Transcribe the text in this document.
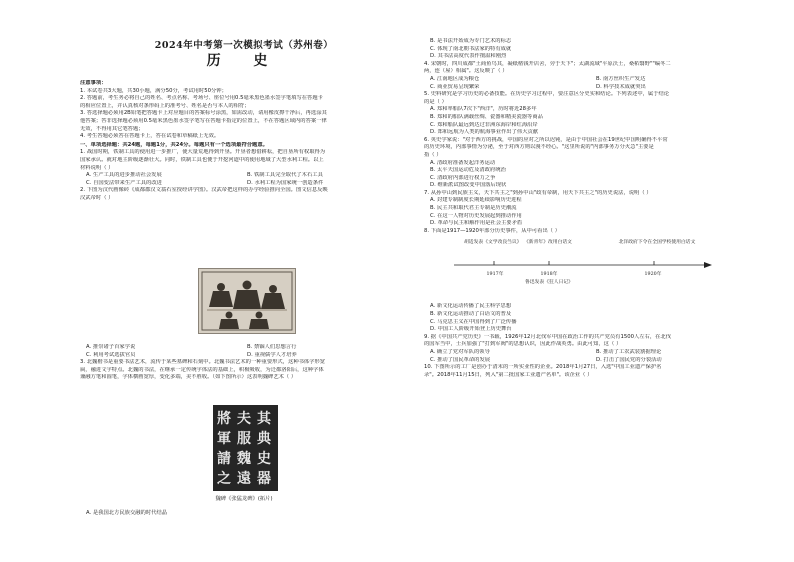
2024年中考第一次模拟考试（苏州卷）
历 史
注意事项：
1. 本试卷共3大题，共30小题，满分50分，考试用时50分钟；
2. 答题前，考生务必将自己的姓名、考点名称、考场号、座位号用0.5毫米黑色墨水签字笔填写在答题卡
的相应位置上，并认真核对条形码上的准考号、姓名是否与本人的相符；
3. 答选择题必须用2B铅笔把答题卡上对应题目的答案标号涂黑，如需改动，请用橡皮擦干净后，再选涂其
他答案；答非选择题必须用0.5毫米黑色墨水签字笔写在答题卡指定的位置上，不在答题区域内的答案一律
无效，不得用其它笔答题；
4. 考生答题必须答在答题卡上，答在试卷和草稿纸上无效。
一、单项选择题：共24题，每题1分，共24分。每题只有一个选项最符合题意。
1. 战国时期，铁制工具的使用进一步推广，使大量荒地得到开垦。开垦者想借耕耘，把自垦所有权取得为
国家承认。就对地主阶级逐渐壮大。同时，铁制工具也便于开挖河道中的使用地域了大型水利工程。以上
材料说明（ ）
A. 生产工具的进步推动社会发展	B. 铁制工具完全取代了木石工具
C. 自国变法带来生产工具的改进	D. 水利工程为国家统一创造条件
2. 下图为汉代画像砖《成都郡汉文翁石室授经讲学图》。汉武帝把这样的办学经验推向全国。图文信息反映
汉武帝时（ ）
A. 推崇诸子百家学说	B. 禁锢人们思想言行
C. 利用考试选拔官员	D. 重视儒学人才培养
3. 北魏楷书是重要书法艺术，流传于某些墓碑和石刻中。北魏书法艺术的一种重要形式，这种书体字形宽
扁，融进文字特点。北魏的书法，在继承一定传统字体法的基础上，积极吸收，为迁都洛阳后，这种字体
兼融方笔和圆笔，字体横画宽厚，变化多端，美不胜收。（如下图所示）这表明魏碑艺术（ ）
將
軍
請
之
夫
服
魏
遠
其
典
史
器
魏碑《张猛龙碑》(拓片)
A. 是我国北方民族交融的时代结晶
B. 是书法开始成为专门艺术的标志
C. 体现了南北朝书法家的特有成就
D. 其书法高度代表作擅温和刚烈
4. 宋朝时，四川成都"土商鱼鸟其，凝纸楮钱开店舍，旁于天下"；太湖流域"平原沃土，桑柘翳野""编冬二
两，连（屋）相属"。这反映了（ ）
A. 江南地区成为粮仓	B. 南方丝织生产发达
C. 商业贸易呈现繁荣	D. 科学技术成就突出
5. 史料研究是学习历史的必备技能。在历史学习过程中，要注意区分史实和结论。下列表述中，属于结论
的是（ ）
A. 郑和率船队7次下"西洋"，历时将近28多年
B. 郑和的船队满载丝绸、瓷器和精美瓷器等商品
C. 郑和船队最远到达过非洲东海岸和红海沿岸
D. 郑和远航为人类的航海事业作出了伟大贡献
6. 英史学家说："对于西方的挑战，中国的应对之所以迟钝，是由于中国社会在19世纪中国明确得不平常
的历史环境，内部事情为分泌，至于对西方则以漫不经心。"这里所说的"内部事务万分火急"主要是
指（ ）
A. 清政府准备发起洋务运动
B. 太平天国运动危及清政府统治
C. 清政府内部进行权力之争
D. 维新派试图改变中国落后现状
7. 从孙中山到民族主义，天下共主之"到孙中山"政有帝制，用天下共主之"的历史说法，说明（ ）
A. 封建专制制度长期延续影响历史进程
B. 民主共和取代君主专制是历史潮流
C. 在这一人物对历史发展起到推动作用
D. 革命与民主和解作用是社会主要矛盾
8. 下面是1917—1920年部分历史事件，从中可看出（ ）
胡适发表《文学改良刍议》 《新青年》改用白话文	北洋政府下令在全国学校使用白话文
1917年	1918年	1920年
鲁迅发表《狂人日记》
A. 新文化运动传播了民主科学思想
B. 新文化运动推动了白话文的普及
C. 马克思主义在中国得到了广泛传播
D. 中国工人阶级开始登上历史舞台
9. 据《中国共产党历史》一书载，1926年12月北伐军中国在政治工作的共产党员有1500人左右，在北伐
的国军当中，士兵加强了"打到军阀"的思想认识，因此作战英勇。由此可知，这（ ）
A. 确立了党对军队的领导	B. 推动了工农武装割据理论
C. 推动了国民革命的发展	D. 打击了国民党的分裂活动
10. 下图所示的工厂是创办于清末的一所实业性的企业。2018年1月27日，入选"中国工业遗产保护名
录"。2018年11月15日，列入"第二批国家工业遗产名单"。该企业（ ）
